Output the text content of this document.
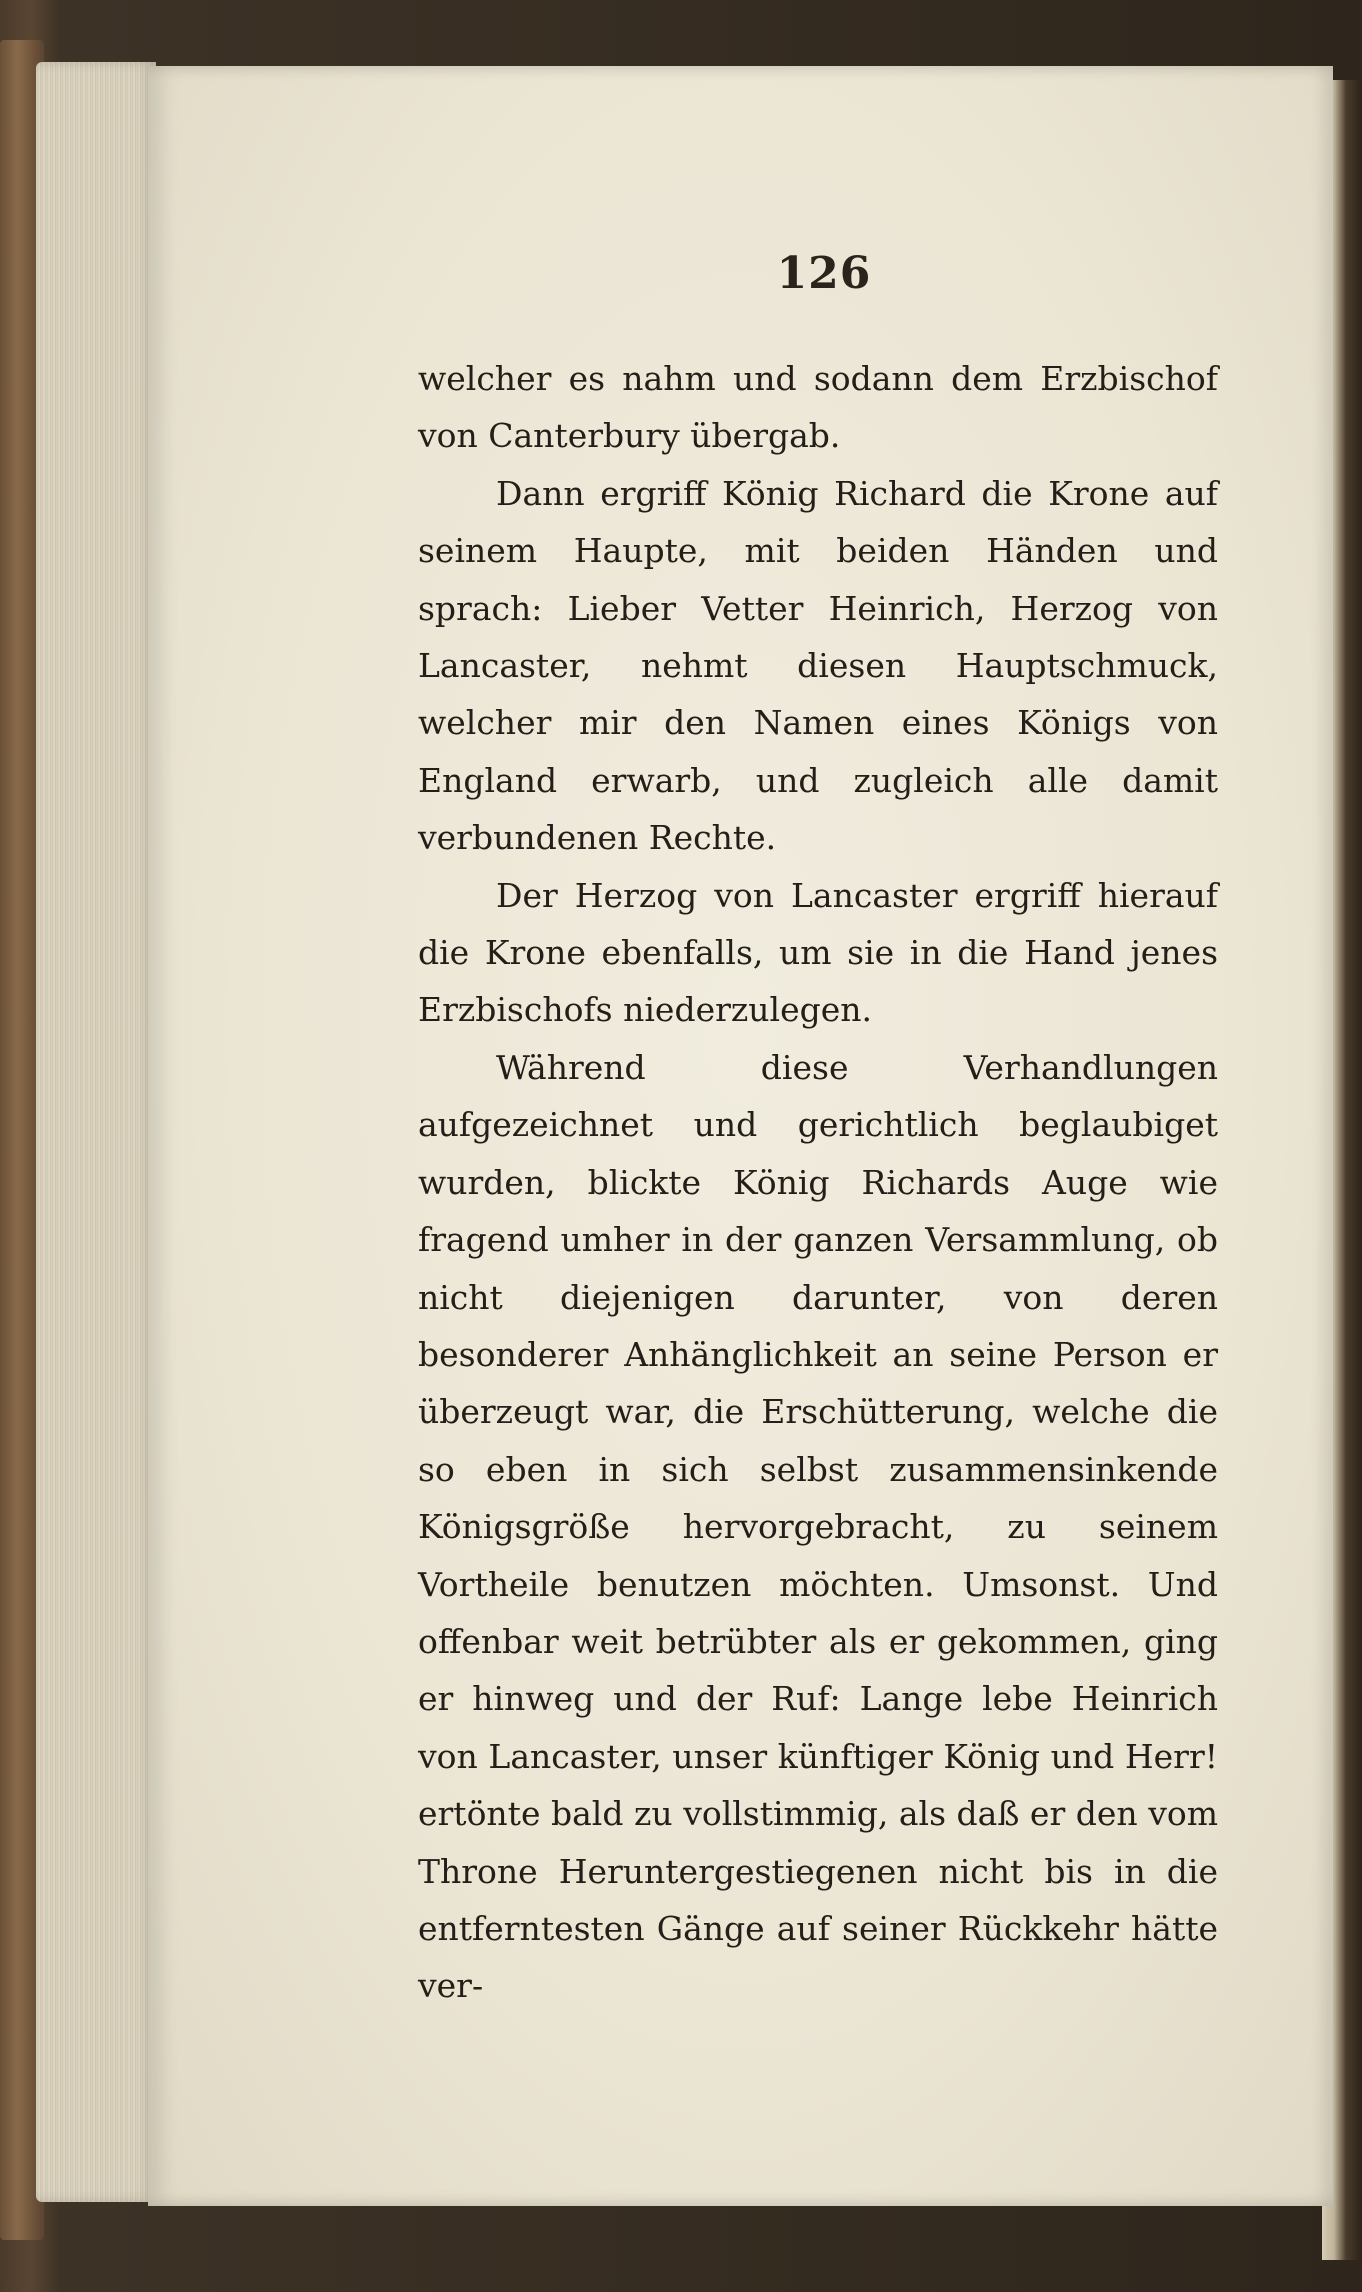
126

welcher es nahm und sodann dem Erzbischof von Canterbury übergab.

Dann ergriff König Richard die Krone auf seinem Haupte, mit beiden Händen und sprach: Lieber Vetter Heinrich, Herzog von Lancaster, nehmt diesen Hauptschmuck, welcher mir den Namen eines Königs von England erwarb, und zugleich alle damit verbundenen Rechte.

Der Herzog von Lancaster ergriff hierauf die Krone ebenfalls, um sie in die Hand jenes Erzbischofs niederzulegen.

Während diese Verhandlungen aufgezeichnet und gerichtlich beglaubiget wurden, blickte König Richards Auge wie fragend umher in der ganzen Versammlung, ob nicht diejenigen darunter, von deren besonderer Anhänglichkeit an seine Person er überzeugt war, die Erschütterung, welche die so eben in sich selbst zusammensinkende Königsgröße hervorgebracht, zu seinem Vortheile benutzen möchten. Umsonst. Und offenbar weit betrübter als er gekommen, ging er hinweg und der Ruf: Lange lebe Heinrich von Lancaster, unser künftiger König und Herr! ertönte bald zu vollstimmig, als daß er den vom Throne Heruntergestiegenen nicht bis in die entferntesten Gänge auf seiner Rückkehr hätte ver-
